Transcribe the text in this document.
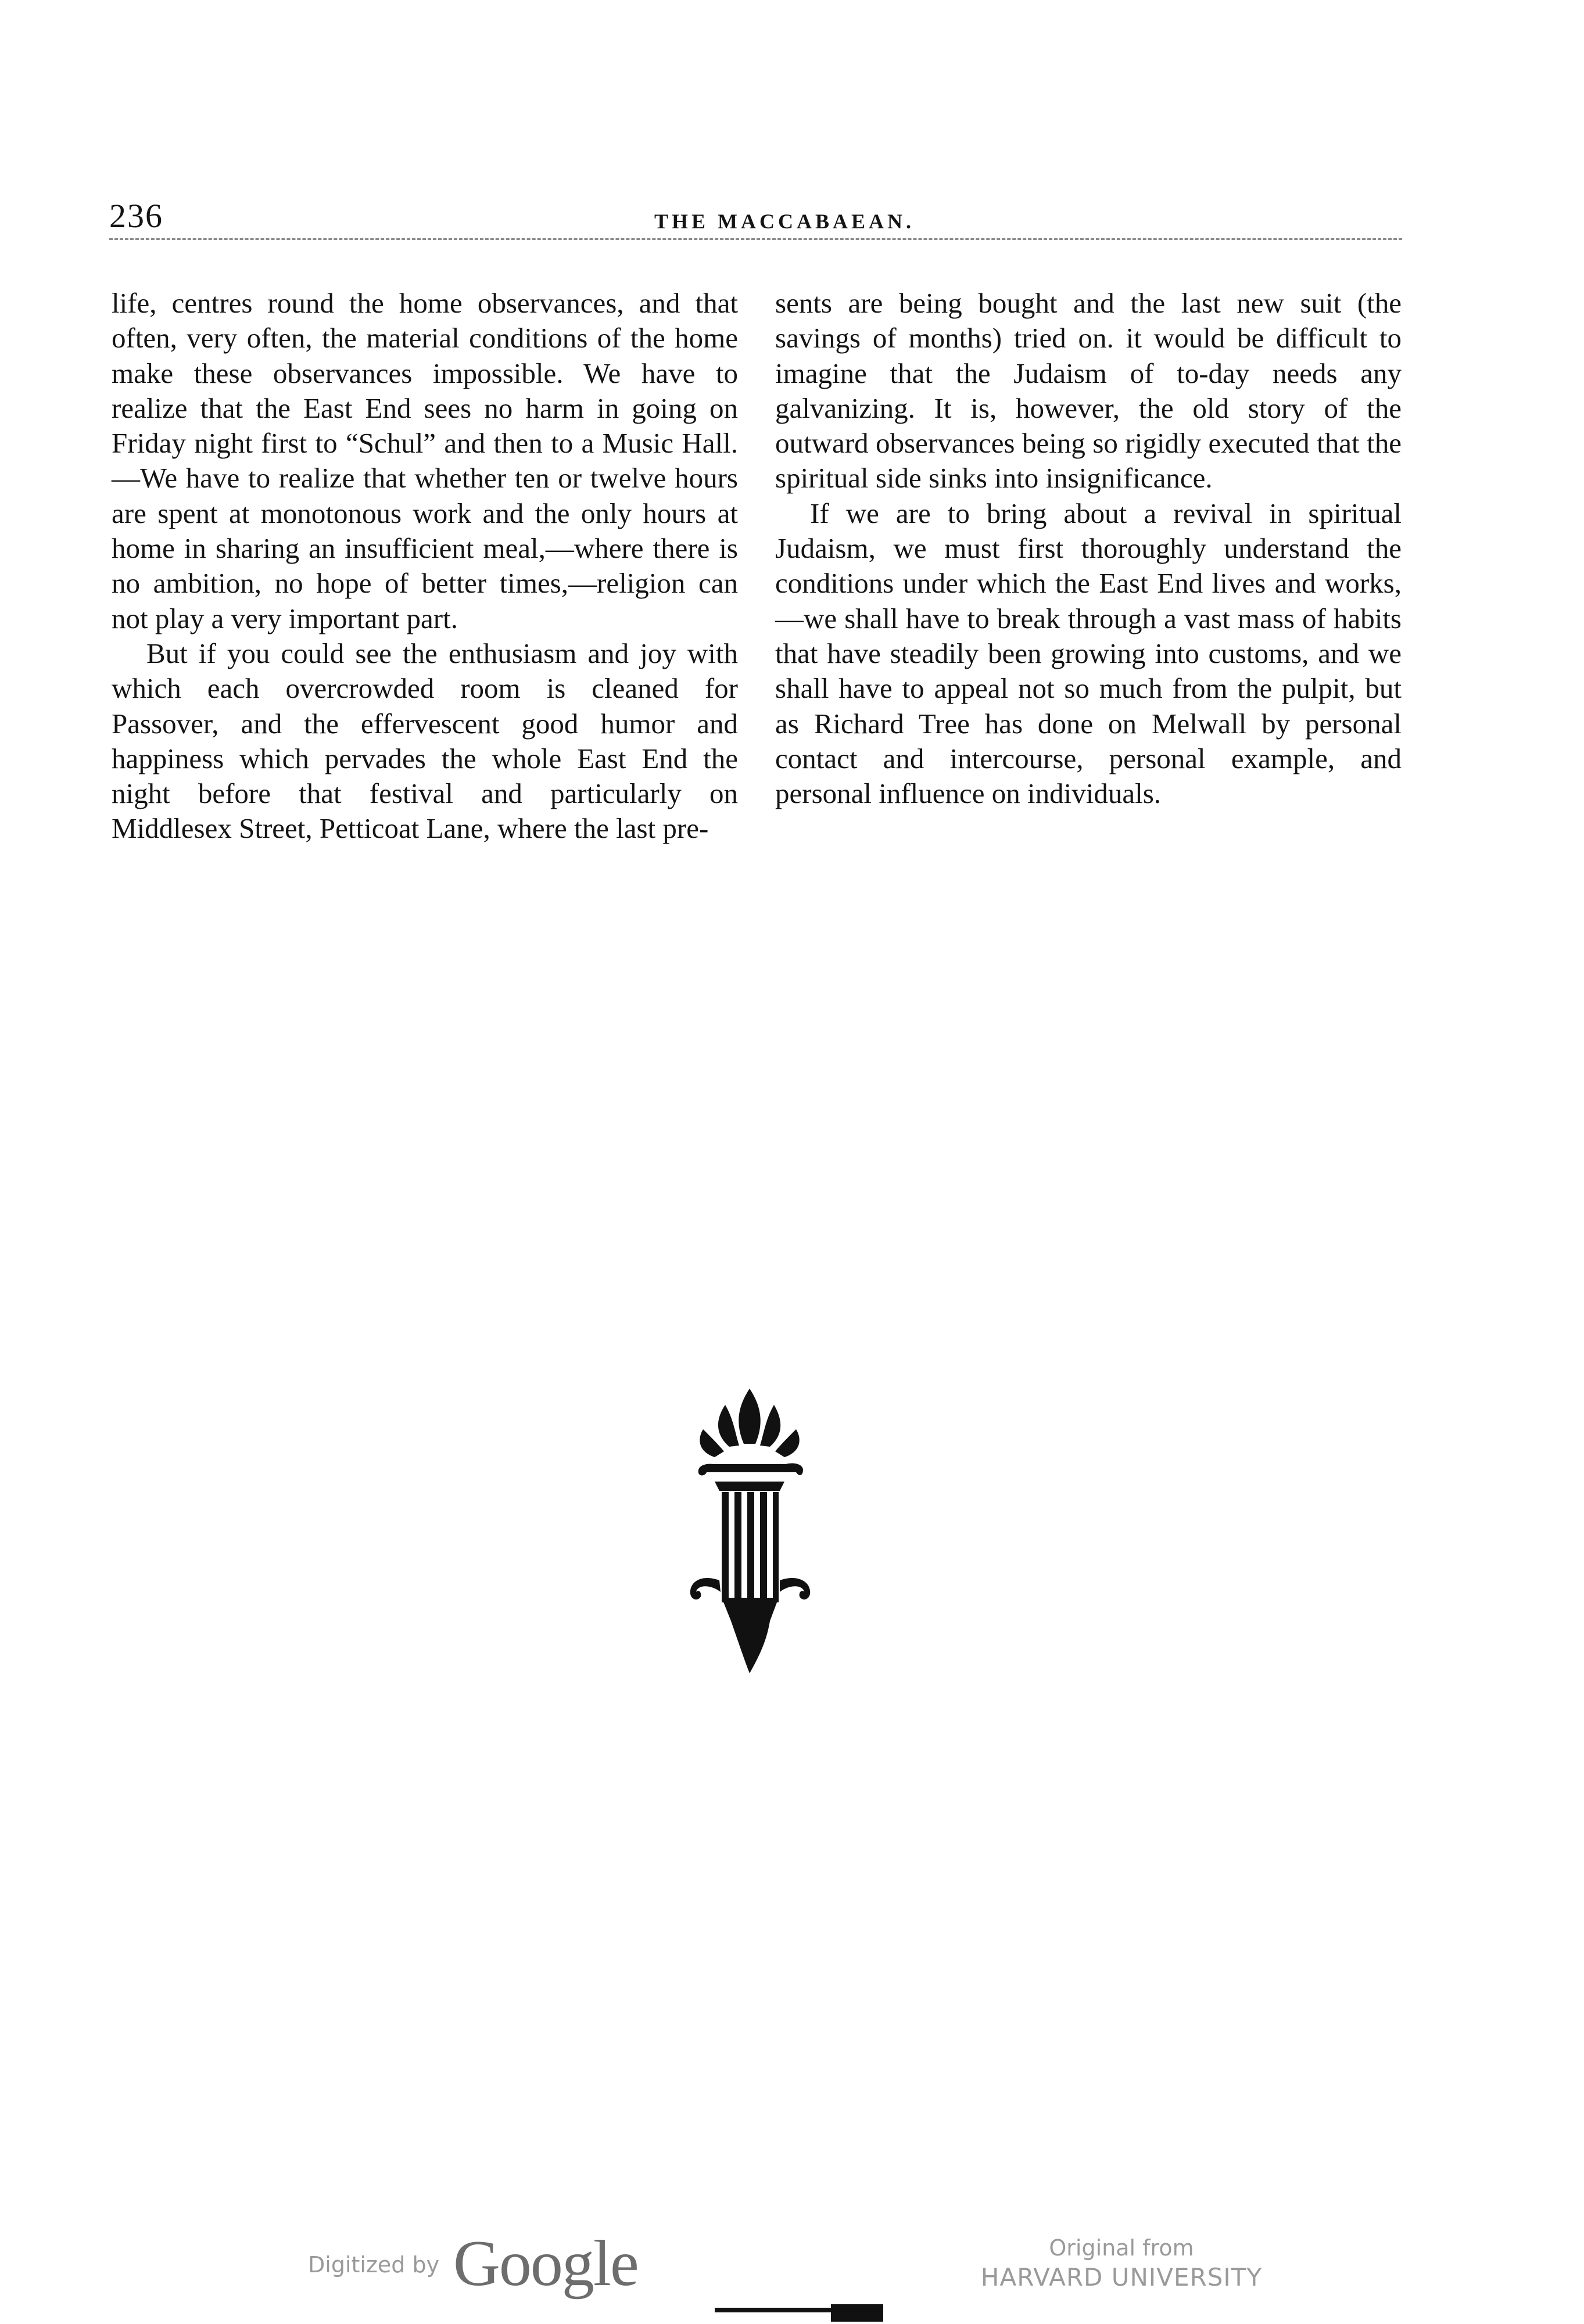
236	THE MACCABAEAN.

life, centres round the home observances, and that often, very often, the material conditions of the home make these observances impossible. We have to realize that the East End sees no harm in going on Friday night first to “Schul” and then to a Music Hall.—We have to realize that whether ten or twelve hours are spent at monotonous work and the only hours at home in sharing an insufficient meal,—where there is no ambition, no hope of better times,—religion can not play a very important part.

But if you could see the enthusiasm and joy with which each overcrowded room is cleaned for Passover, and the effervescent good humor and happiness which pervades the whole East End the night before that festival and particularly on Middlesex Street, Petticoat Lane, where the last pre-

sents are being bought and the last new suit (the savings of months) tried on. it would be difficult to imagine that the Judaism of to-day needs any galvanizing. It is, however, the old story of the outward observances being so rigidly executed that the spiritual side sinks into insignificance.

If we are to bring about a revival in spiritual Judaism, we must first thoroughly understand the conditions under which the East End lives and works,—we shall have to break through a vast mass of habits that have steadily been growing into customs, and we shall have to appeal not so much from the pulpit, but as Richard Tree has done on Melwall by personal contact and intercourse, personal example, and personal influence on individuals.

Digitized by Google	Original from
HARVARD UNIVERSITY
